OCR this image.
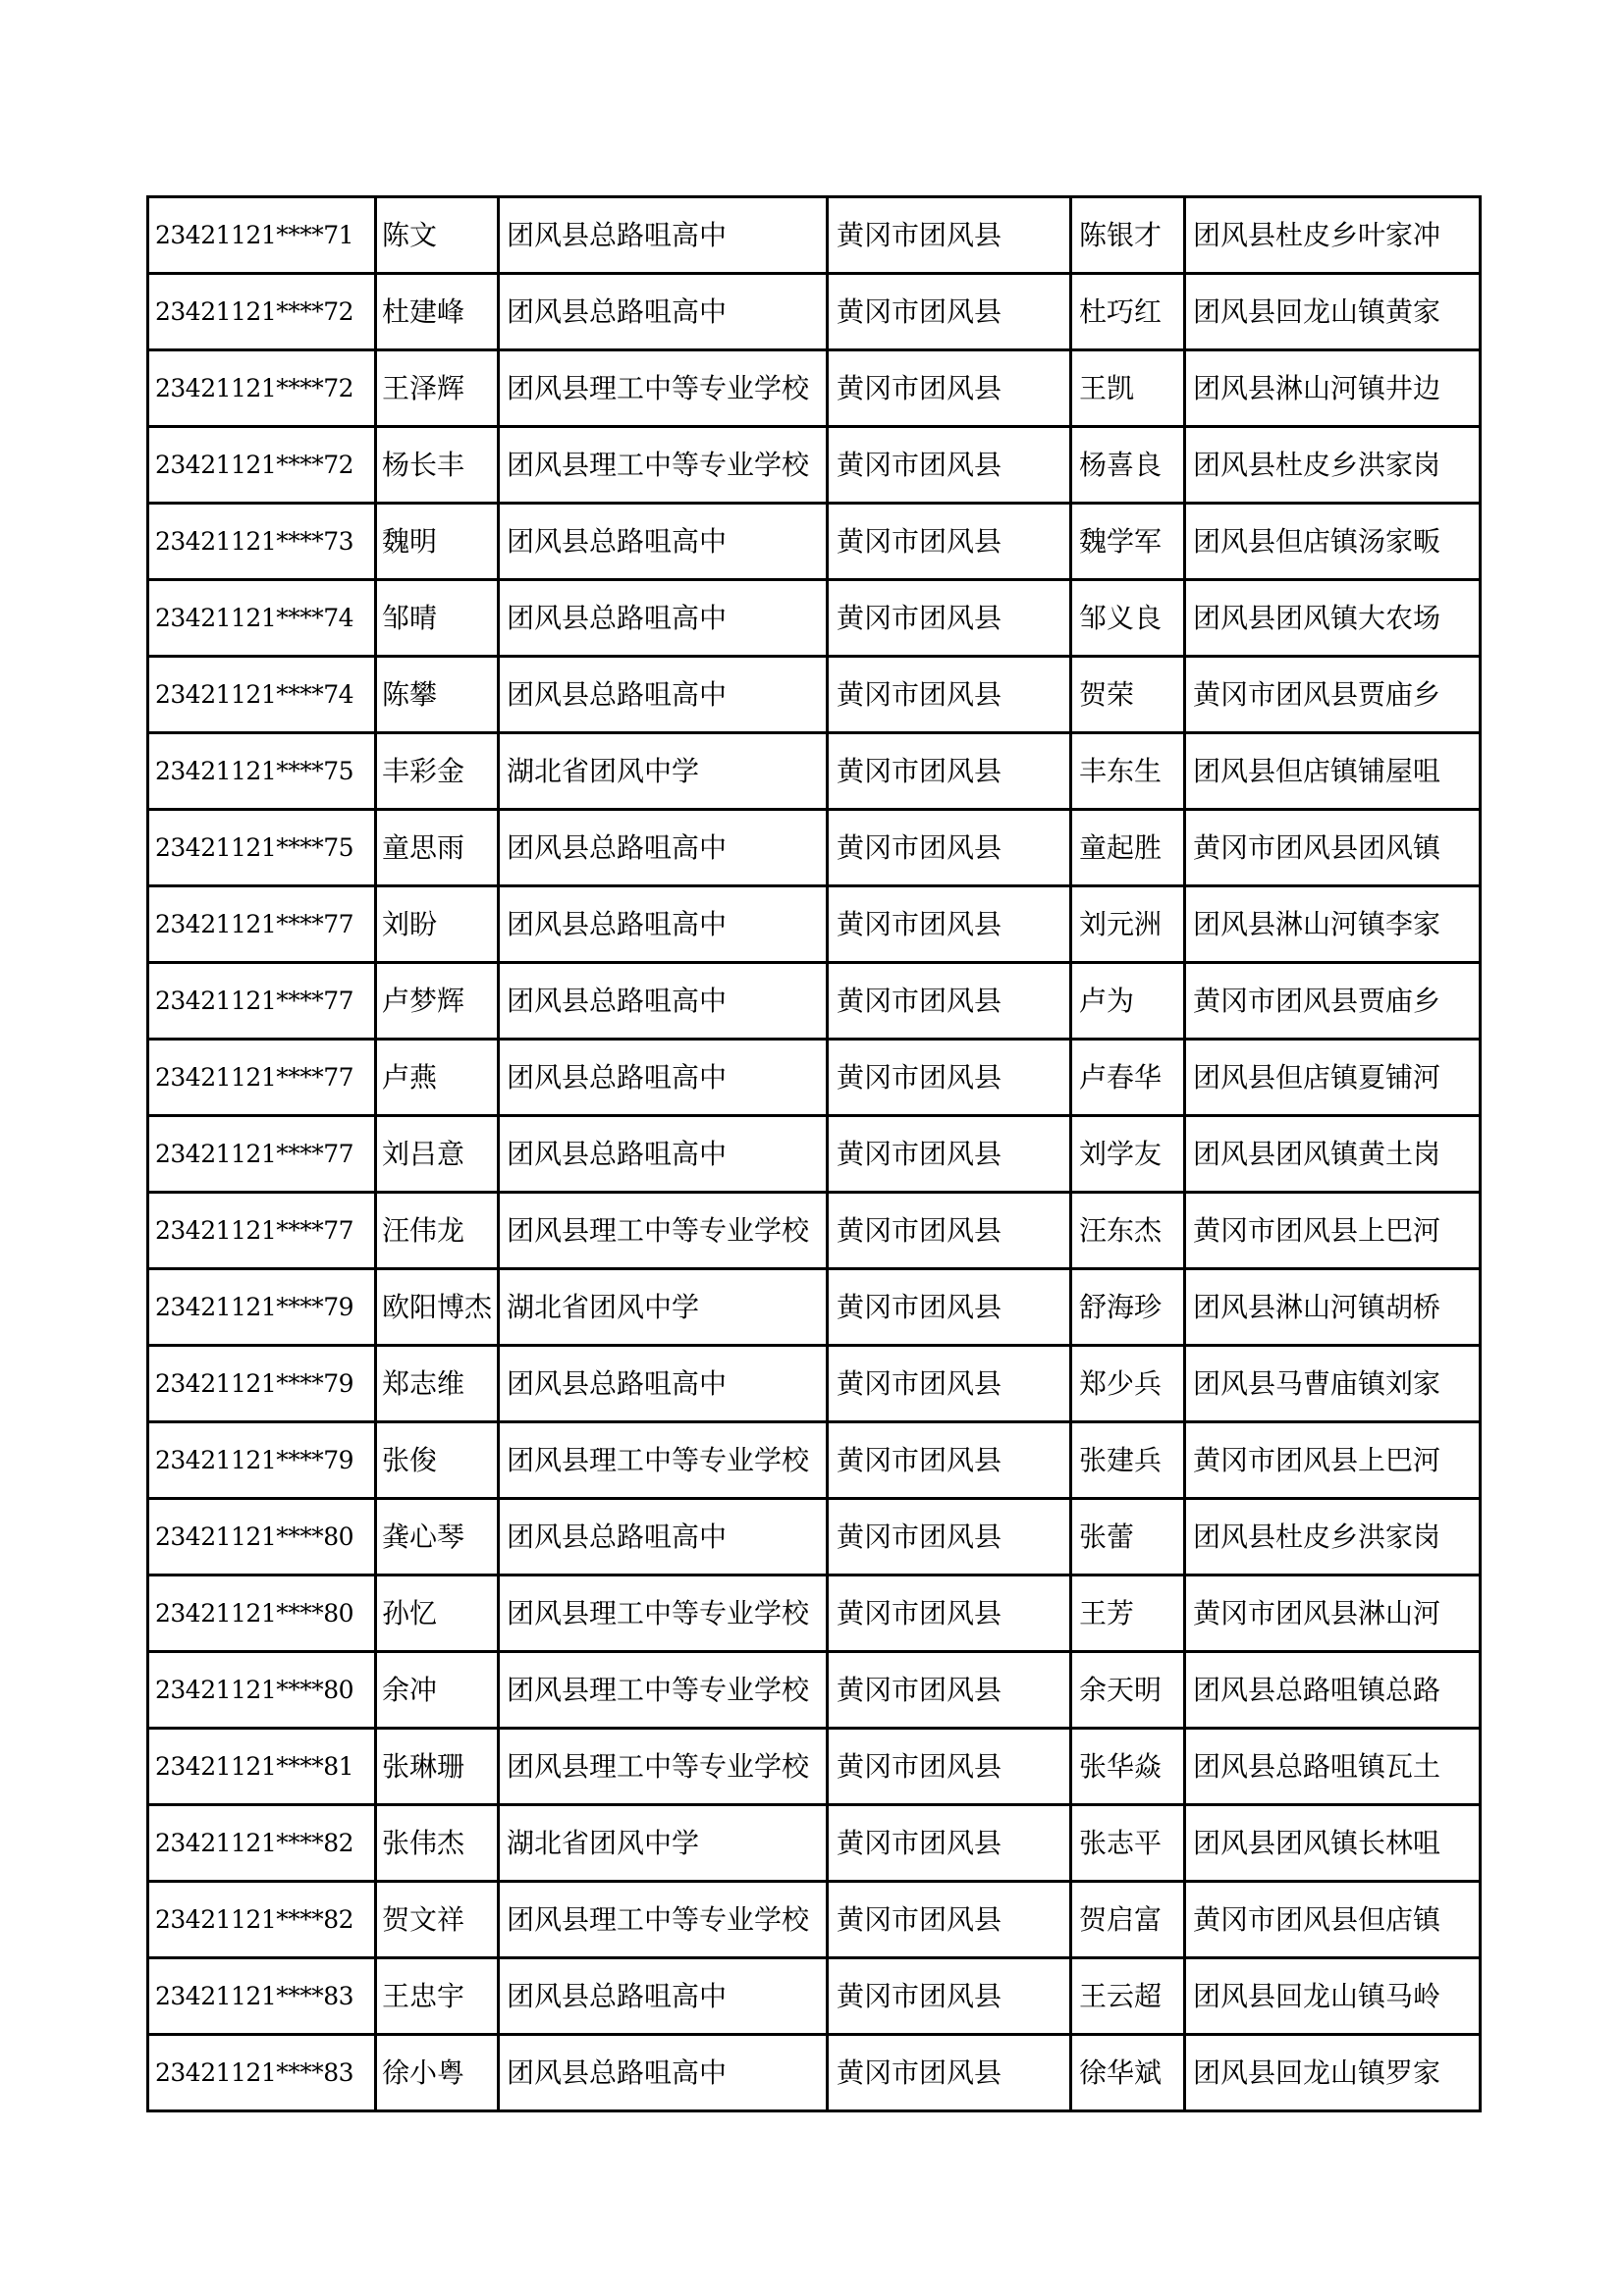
23421121****71	陈文	团风县总路咀高中	黄冈市团风县	陈银才	团风县杜皮乡叶家冲
23421121****72	杜建峰	团风县总路咀高中	黄冈市团风县	杜巧红	团风县回龙山镇黄家
23421121****72	王泽辉	团风县理工中等专业学校	黄冈市团风县	王凯	团风县淋山河镇井边
23421121****72	杨长丰	团风县理工中等专业学校	黄冈市团风县	杨喜良	团风县杜皮乡洪家岗
23421121****73	魏明	团风县总路咀高中	黄冈市团风县	魏学军	团风县但店镇汤家畈
23421121****74	邹晴	团风县总路咀高中	黄冈市团风县	邹义良	团风县团风镇大农场
23421121****74	陈攀	团风县总路咀高中	黄冈市团风县	贺荣	黄冈市团风县贾庙乡
23421121****75	丰彩金	湖北省团风中学	黄冈市团风县	丰东生	团风县但店镇铺屋咀
23421121****75	童思雨	团风县总路咀高中	黄冈市团风县	童起胜	黄冈市团风县团风镇
23421121****77	刘盼	团风县总路咀高中	黄冈市团风县	刘元洲	团风县淋山河镇李家
23421121****77	卢梦辉	团风县总路咀高中	黄冈市团风县	卢为	黄冈市团风县贾庙乡
23421121****77	卢燕	团风县总路咀高中	黄冈市团风县	卢春华	团风县但店镇夏铺河
23421121****77	刘吕意	团风县总路咀高中	黄冈市团风县	刘学友	团风县团风镇黄土岗
23421121****77	汪伟龙	团风县理工中等专业学校	黄冈市团风县	汪东杰	黄冈市团风县上巴河
23421121****79	欧阳博杰	湖北省团风中学	黄冈市团风县	舒海珍	团风县淋山河镇胡桥
23421121****79	郑志维	团风县总路咀高中	黄冈市团风县	郑少兵	团风县马曹庙镇刘家
23421121****79	张俊	团风县理工中等专业学校	黄冈市团风县	张建兵	黄冈市团风县上巴河
23421121****80	龚心琴	团风县总路咀高中	黄冈市团风县	张蕾	团风县杜皮乡洪家岗
23421121****80	孙忆	团风县理工中等专业学校	黄冈市团风县	王芳	黄冈市团风县淋山河
23421121****80	余冲	团风县理工中等专业学校	黄冈市团风县	余天明	团风县总路咀镇总路
23421121****81	张琳珊	团风县理工中等专业学校	黄冈市团风县	张华焱	团风县总路咀镇瓦土
23421121****82	张伟杰	湖北省团风中学	黄冈市团风县	张志平	团风县团风镇长林咀
23421121****82	贺文祥	团风县理工中等专业学校	黄冈市团风县	贺启富	黄冈市团风县但店镇
23421121****83	王忠宇	团风县总路咀高中	黄冈市团风县	王云超	团风县回龙山镇马岭
23421121****83	徐小粤	团风县总路咀高中	黄冈市团风县	徐华斌	团风县回龙山镇罗家
